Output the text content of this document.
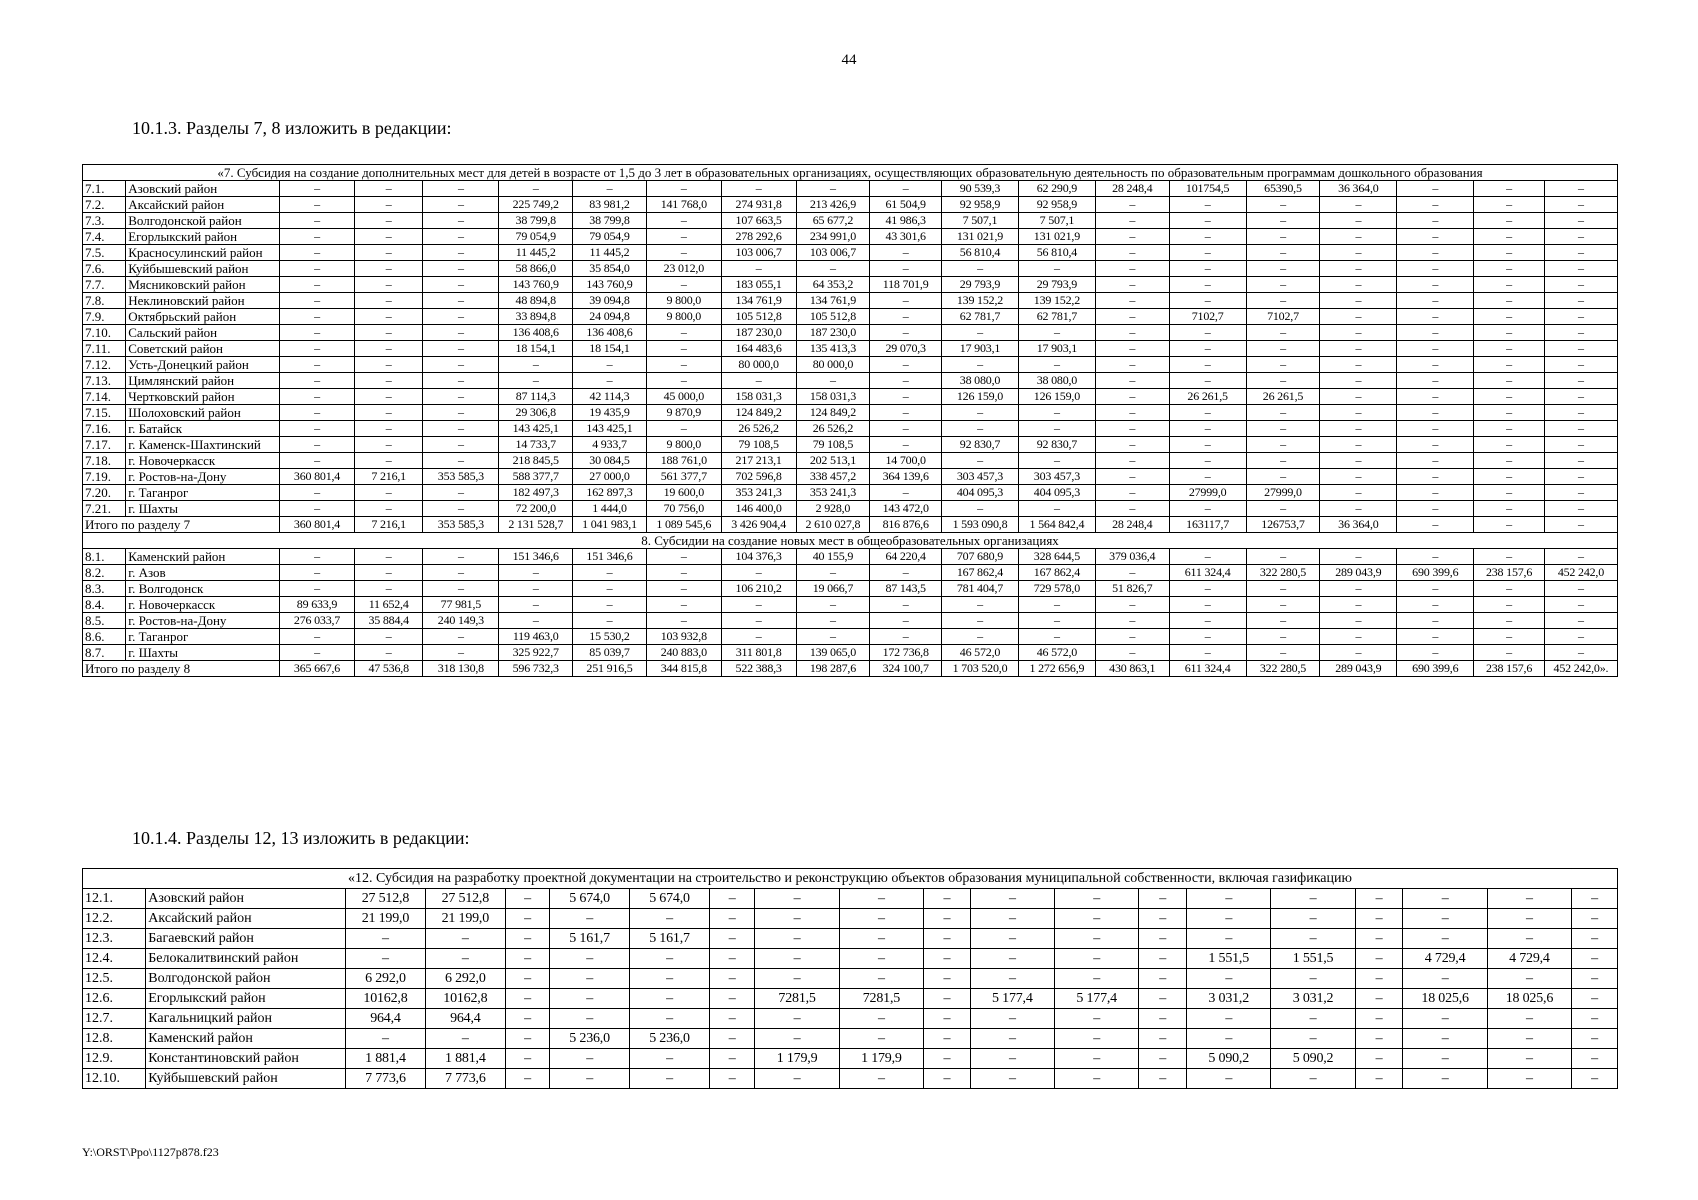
44
10.1.3. Разделы 7, 8 изложить в редакции:
«7. Субсидия на создание дополнительных мест для детей в возрасте от 1,5 до 3 лет в образовательных организациях, осуществляющих образовательную деятельность по образовательным программам дошкольного образования																			
7.1.	Азовский район	–	–	–	–	–	–	–	–	–	90 539,3	62 290,9	28 248,4	101754,5	65390,5	36 364,0	–	–	–
7.2.	Аксайский район	–	–	–	225 749,2	83 981,2	141 768,0	274 931,8	213 426,9	61 504,9	92 958,9	92 958,9	–	–	–	–	–	–	–
7.3.	Волгодонской район	–	–	–	38 799,8	38 799,8	–	107 663,5	65 677,2	41 986,3	7 507,1	7 507,1	–	–	–	–	–	–	–
7.4.	Егорлыкский район	–	–	–	79 054,9	79 054,9	–	278 292,6	234 991,0	43 301,6	131 021,9	131 021,9	–	–	–	–	–	–	–
7.5.	Красносулинский район	–	–	–	11 445,2	11 445,2	–	103 006,7	103 006,7	–	56 810,4	56 810,4	–	–	–	–	–	–	–
7.6.	Куйбышевский район	–	–	–	58 866,0	35 854,0	23 012,0	–	–	–	–	–	–	–	–	–	–	–	–
7.7.	Мясниковский район	–	–	–	143 760,9	143 760,9	–	183 055,1	64 353,2	118 701,9	29 793,9	29 793,9	–	–	–	–	–	–	–
7.8.	Неклиновский район	–	–	–	48 894,8	39 094,8	9 800,0	134 761,9	134 761,9	–	139 152,2	139 152,2	–	–	–	–	–	–	–
7.9.	Октябрьский район	–	–	–	33 894,8	24 094,8	9 800,0	105 512,8	105 512,8	–	62 781,7	62 781,7	–	7102,7	7102,7	–	–	–	–
7.10.	Сальский район	–	–	–	136 408,6	136 408,6	–	187 230,0	187 230,0	–	–	–	–	–	–	–	–	–	–
7.11.	Советский район	–	–	–	18 154,1	18 154,1	–	164 483,6	135 413,3	29 070,3	17 903,1	17 903,1	–	–	–	–	–	–	–
7.12.	Усть-Донецкий район	–	–	–	–	–	–	80 000,0	80 000,0	–	–	–	–	–	–	–	–	–	–
7.13.	Цимлянский район	–	–	–	–	–	–	–	–	–	38 080,0	38 080,0	–	–	–	–	–	–	–
7.14.	Чертковский район	–	–	–	87 114,3	42 114,3	45 000,0	158 031,3	158 031,3	–	126 159,0	126 159,0	–	26 261,5	26 261,5	–	–	–	–
7.15.	Шолоховский район	–	–	–	29 306,8	19 435,9	9 870,9	124 849,2	124 849,2	–	–	–	–	–	–	–	–	–	–
7.16.	г. Батайск	–	–	–	143 425,1	143 425,1	–	26 526,2	26 526,2	–	–	–	–	–	–	–	–	–	–
7.17.	г. Каменск-Шахтинский	–	–	–	14 733,7	4 933,7	9 800,0	79 108,5	79 108,5	–	92 830,7	92 830,7	–	–	–	–	–	–	–
7.18.	г. Новочеркасск	–	–	–	218 845,5	30 084,5	188 761,0	217 213,1	202 513,1	14 700,0	–	–	–	–	–	–	–	–	–
7.19.	г. Ростов-на-Дону	360 801,4	7 216,1	353 585,3	588 377,7	27 000,0	561 377,7	702 596,8	338 457,2	364 139,6	303 457,3	303 457,3	–	–	–	–	–	–	–
7.20.	г. Таганрог	–	–	–	182 497,3	162 897,3	19 600,0	353 241,3	353 241,3	–	404 095,3	404 095,3	–	27999,0	27999,0	–	–	–	–
7.21.	г. Шахты	–	–	–	72 200,0	1 444,0	70 756,0	146 400,0	2 928,0	143 472,0	–	–	–	–	–	–	–	–	–
Итого по разделу 7		360 801,4	7 216,1	353 585,3	2 131 528,7	1 041 983,1	1 089 545,6	3 426 904,4	2 610 027,8	816 876,6	1 593 090,8	1 564 842,4	28 248,4	163117,7	126753,7	36 364,0	–	–	–
8. Субсидии на создание новых мест в общеобразовательных организациях																			
8.1.	Каменский район	–	–	–	151 346,6	151 346,6	–	104 376,3	40 155,9	64 220,4	707 680,9	328 644,5	379 036,4	–	–	–	–	–	–
8.2.	г. Азов	–	–	–	–	–	–	–	–	–	167 862,4	167 862,4	–	611 324,4	322 280,5	289 043,9	690 399,6	238 157,6	452 242,0
8.3.	г. Волгодонск	–	–	–	–	–	–	106 210,2	19 066,7	87 143,5	781 404,7	729 578,0	51 826,7	–	–	–	–	–	–
8.4.	г. Новочеркасск	89 633,9	11 652,4	77 981,5	–	–	–	–	–	–	–	–	–	–	–	–	–	–	–
8.5.	г. Ростов-на-Дону	276 033,7	35 884,4	240 149,3	–	–	–	–	–	–	–	–	–	–	–	–	–	–	–
8.6.	г. Таганрог	–	–	–	119 463,0	15 530,2	103 932,8	–	–	–	–	–	–	–	–	–	–	–	–
8.7.	г. Шахты	–	–	–	325 922,7	85 039,7	240 883,0	311 801,8	139 065,0	172 736,8	46 572,0	46 572,0	–	–	–	–	–	–	–
Итого по разделу 8		365 667,6	47 536,8	318 130,8	596 732,3	251 916,5	344 815,8	522 388,3	198 287,6	324 100,7	1 703 520,0	1 272 656,9	430 863,1	611 324,4	322 280,5	289 043,9	690 399,6	238 157,6	452 242,0».
10.1.4. Разделы 12, 13 изложить в редакции:
«12. Субсидия на разработку проектной документации на строительство и реконструкцию объектов образования муниципальной собственности, включая газификацию																			
12.1.	Азовский район	27 512,8	27 512,8	–	5 674,0	5 674,0	–	–	–	–	–	–	–	–	–	–	–	–	–
12.2.	Аксайский район	21 199,0	21 199,0	–	–	–	–	–	–	–	–	–	–	–	–	–	–	–	–
12.3.	Багаевский район	–	–	–	5 161,7	5 161,7	–	–	–	–	–	–	–	–	–	–	–	–	–
12.4.	Белокалитвинский район	–	–	–	–	–	–	–	–	–	–	–	–	1 551,5	1 551,5	–	4 729,4	4 729,4	–
12.5.	Волгодонской район	6 292,0	6 292,0	–	–	–	–	–	–	–	–	–	–	–	–	–	–	–	–
12.6.	Егорлыкский район	10162,8	10162,8	–	–	–	–	7281,5	7281,5	–	5 177,4	5 177,4	–	3 031,2	3 031,2	–	18 025,6	18 025,6	–
12.7.	Кагальницкий район	964,4	964,4	–	–	–	–	–	–	–	–	–	–	–	–	–	–	–	–
12.8.	Каменский район	–	–	–	5 236,0	5 236,0	–	–	–	–	–	–	–	–	–	–	–	–	–
12.9.	Константиновский район	1 881,4	1 881,4	–	–	–	–	1 179,9	1 179,9	–	–	–	–	5 090,2	5 090,2	–	–	–	–
12.10.	Куйбышевский район	7 773,6	7 773,6	–	–	–	–	–	–	–	–	–	–	–	–	–	–	–	–
Y:\ORST\Ppo\1127p878.f23
